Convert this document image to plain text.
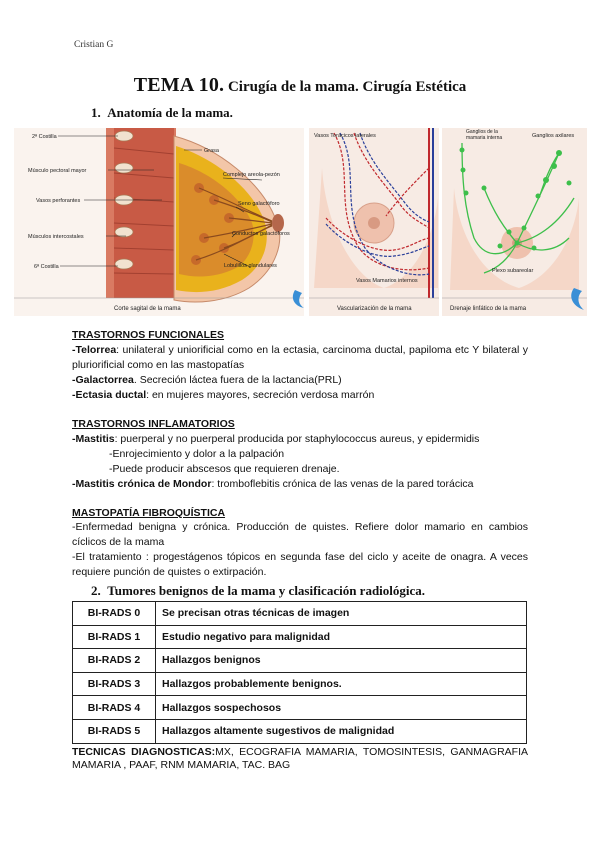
Cristian G
TEMA 10. Cirugía de la mama. Cirugía Estética
1. Anatomía de la mama.
2ª Costilla
Músculo pectoral mayor
Vasos perforantes
Músculos intercostales
6ª Costilla
Grasa
Complejo areola-pezón
Seno galactóforo
Conductos galactóforos
Lobulillos glandulares
Corte sagital de la mama
Vasos Torácicos laterales
Vasos Mamarios internos
Vascularización de la mama
Ganglios de la
mamaria interna	Ganglios axilares
Plexo subareolar
Drenaje linfático de la mama
TRASTORNOS FUNCIONALES
-Telorrea: unilateral y uniorificial como en la ectasia, carcinoma ductal, papiloma etc Y bilateral y pluriorificial como en las mastopatías
-Galactorrea. Secreción láctea fuera de la lactancia(PRL)
-Ectasia ductal: en mujeres mayores, secreción verdosa marrón
TRASTORNOS INFLAMATORIOS
-Mastitis: puerperal y no puerperal producida por staphylococcus aureus, y epidermidis
-Enrojecimiento y dolor a la palpación
-Puede producir abscesos que requieren drenaje.
-Mastitis crónica de Mondor: tromboflebitis crónica de las venas de la pared torácica
MASTOPATÍA FIBROQUÍSTICA
-Enfermedad benigna y crónica. Producción de quistes. Refiere dolor mamario en cambios cíclicos de la mama
-El tratamiento : progestágenos tópicos en segunda fase del ciclo y aceite de onagra. A veces requiere punción de quistes o extirpación.
2. Tumores benignos de la mama y clasificación radiológica.
BI-RADS 0	Se precisan otras técnicas de imagen
BI-RADS 1	Estudio negativo para malignidad
BI-RADS 2	Hallazgos benignos
BI-RADS 3	Hallazgos probablemente benignos.
BI-RADS 4	Hallazgos sospechosos
BI-RADS 5	Hallazgos altamente sugestivos de malignidad
TECNICAS DIAGNOSTICAS:MX, ECOGRAFIA MAMARIA, TOMOSINTESIS, GANMAGRAFIA MAMARIA , PAAF, RNM MAMARIA, TAC. BAG
